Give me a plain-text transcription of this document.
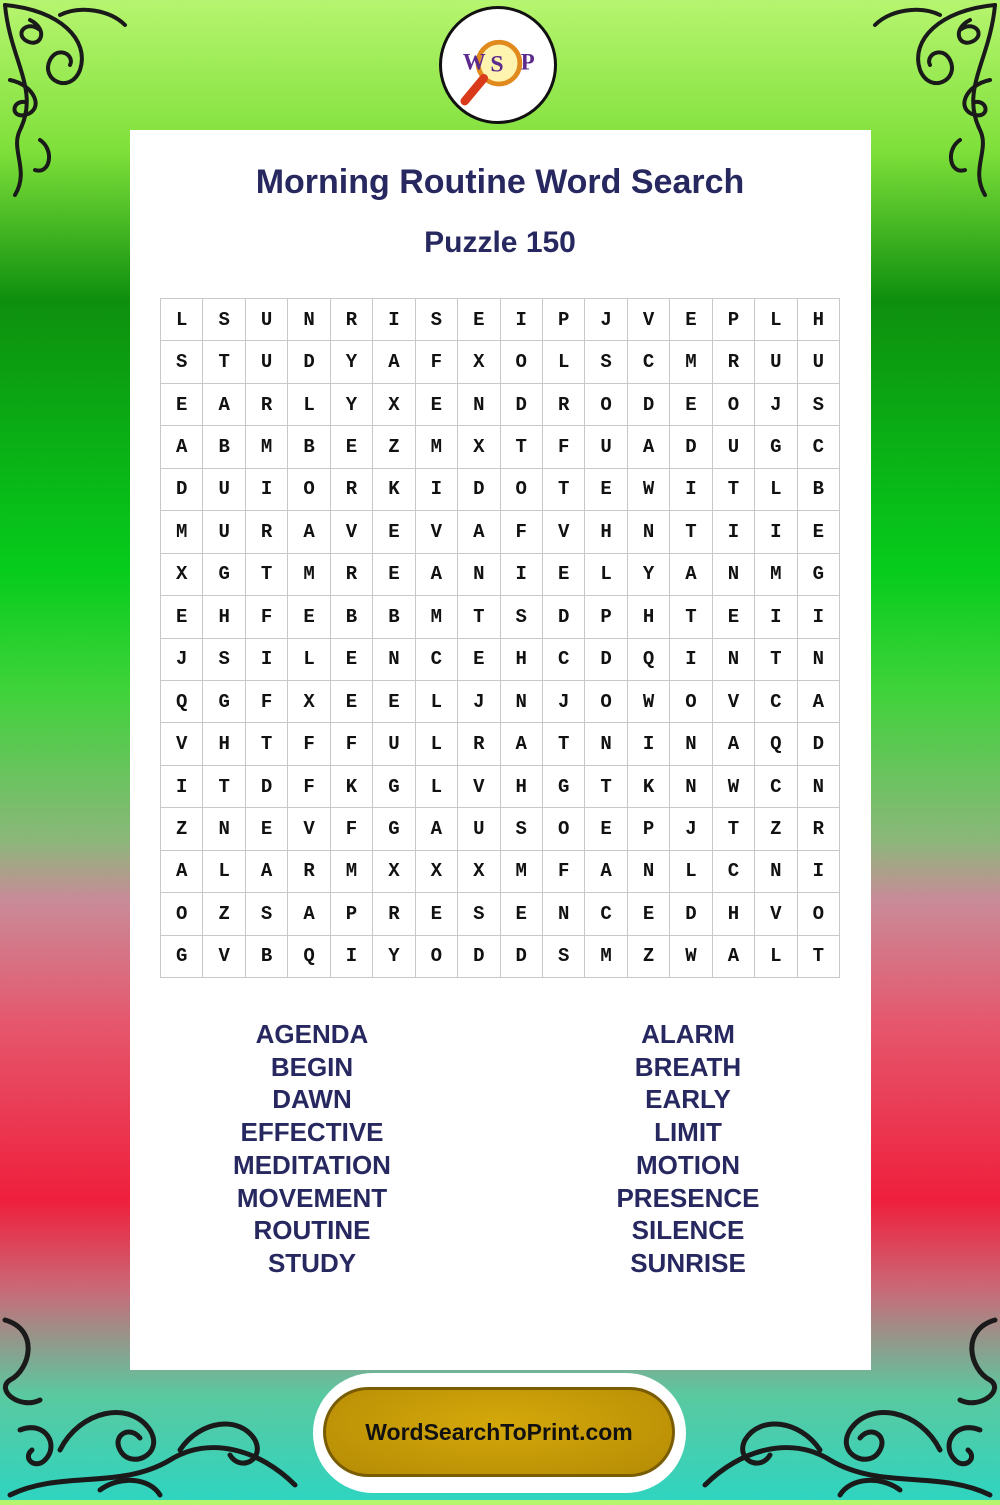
W S P
Morning Routine Word Search
Puzzle 150
L	S	U	N	R	I	S	E	I	P	J	V	E	P	L	H
S	T	U	D	Y	A	F	X	O	L	S	C	M	R	U	U
E	A	R	L	Y	X	E	N	D	R	O	D	E	O	J	S
A	B	M	B	E	Z	M	X	T	F	U	A	D	U	G	C
D	U	I	O	R	K	I	D	O	T	E	W	I	T	L	B
M	U	R	A	V	E	V	A	F	V	H	N	T	I	I	E
X	G	T	M	R	E	A	N	I	E	L	Y	A	N	M	G
E	H	F	E	B	B	M	T	S	D	P	H	T	E	I	I
J	S	I	L	E	N	C	E	H	C	D	Q	I	N	T	N
Q	G	F	X	E	E	L	J	N	J	O	W	O	V	C	A
V	H	T	F	F	U	L	R	A	T	N	I	N	A	Q	D
I	T	D	F	K	G	L	V	H	G	T	K	N	W	C	N
Z	N	E	V	F	G	A	U	S	O	E	P	J	T	Z	R
A	L	A	R	M	X	X	X	M	F	A	N	L	C	N	I
O	Z	S	A	P	R	E	S	E	N	C	E	D	H	V	O
G	V	B	Q	I	Y	O	D	D	S	M	Z	W	A	L	T
AGENDA
BEGIN
DAWN
EFFECTIVE
MEDITATION
MOVEMENT
ROUTINE
STUDY
ALARM
BREATH
EARLY
LIMIT
MOTION
PRESENCE
SILENCE
SUNRISE
WordSearchToPrint.com
